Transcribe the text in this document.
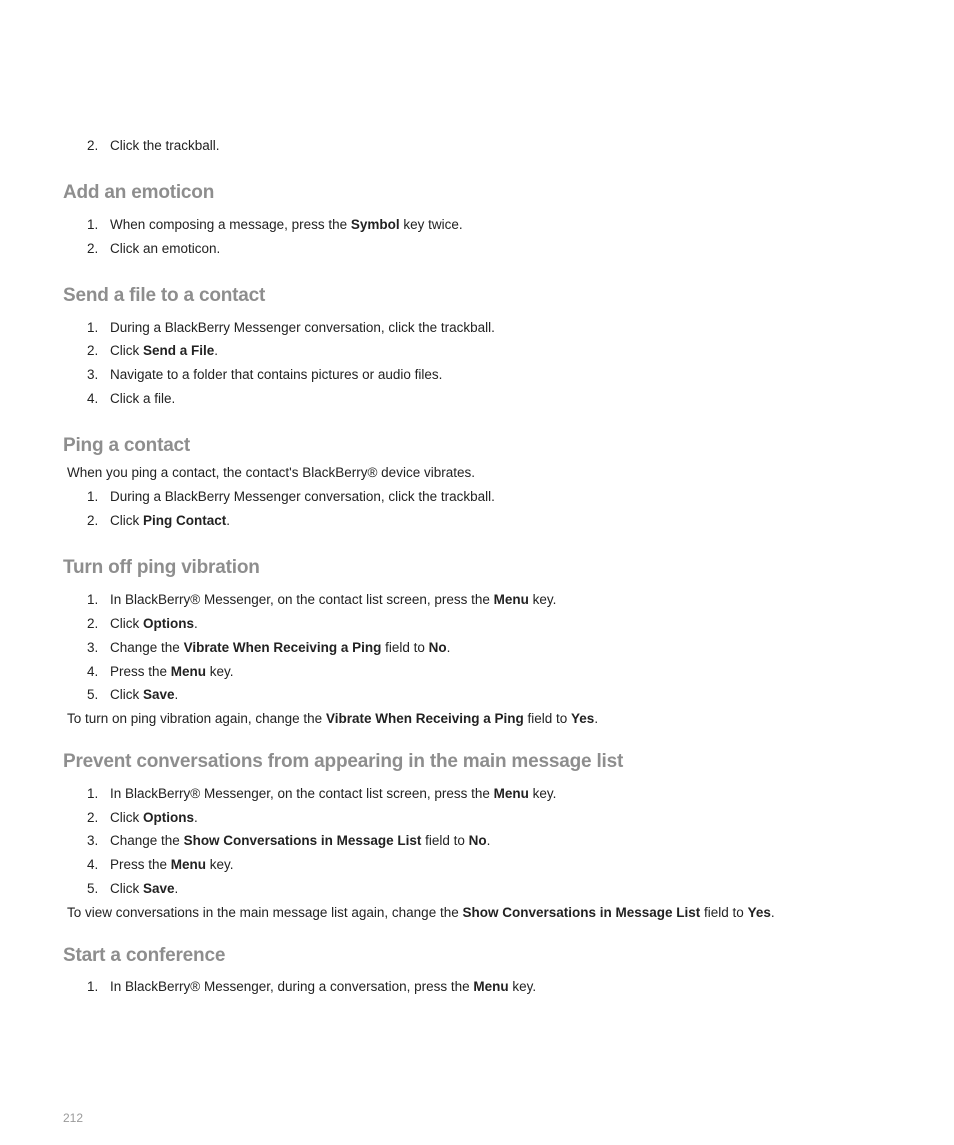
2. Click the trackball.
Add an emoticon
1. When composing a message, press the Symbol key twice.
2. Click an emoticon.
Send a file to a contact
1. During a BlackBerry Messenger conversation, click the trackball.
2. Click Send a File.
3. Navigate to a folder that contains pictures or audio files.
4. Click a file.
Ping a contact
When you ping a contact, the contact's BlackBerry® device vibrates.
1. During a BlackBerry Messenger conversation, click the trackball.
2. Click Ping Contact.
Turn off ping vibration
1. In BlackBerry® Messenger, on the contact list screen, press the Menu key.
2. Click Options.
3. Change the Vibrate When Receiving a Ping field to No.
4. Press the Menu key.
5. Click Save.
To turn on ping vibration again, change the Vibrate When Receiving a Ping field to Yes.
Prevent conversations from appearing in the main message list
1. In BlackBerry® Messenger, on the contact list screen, press the Menu key.
2. Click Options.
3. Change the Show Conversations in Message List field to No.
4. Press the Menu key.
5. Click Save.
To view conversations in the main message list again, change the Show Conversations in Message List field to Yes.
Start a conference
1. In BlackBerry® Messenger, during a conversation, press the Menu key.
212
